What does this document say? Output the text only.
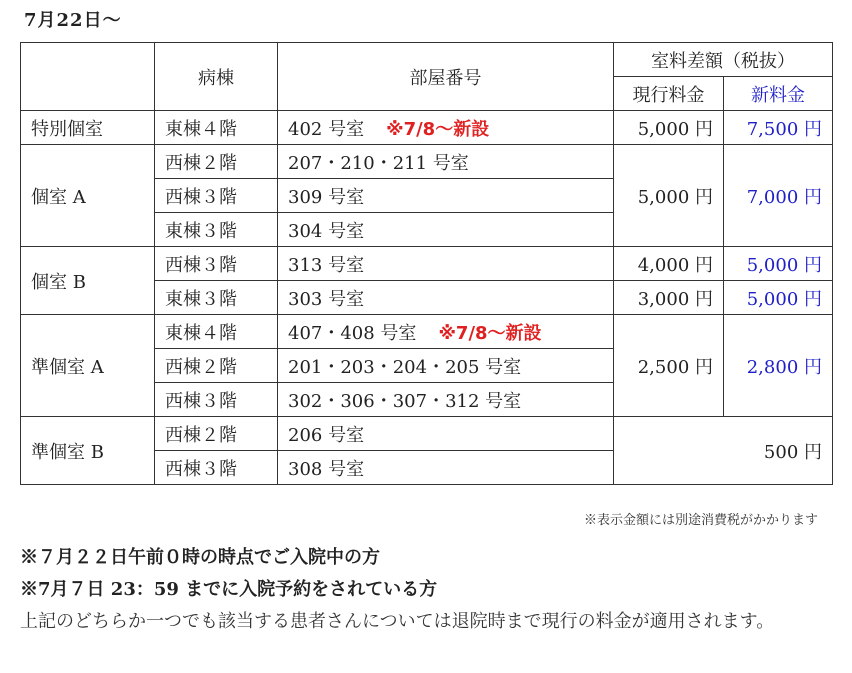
7月22日～
	病棟	部屋番号	室料差額（税抜）	
			現行料金	新料金
特別個室	東棟４階	402 号室 ※7/8～新設	5,000 円	7,500 円
個室 A	西棟２階	207・210・211 号室	5,000 円	7,000 円
	西棟３階	309 号室		
	東棟３階	304 号室		
個室 B	西棟３階	313 号室	4,000 円	5,000 円
	東棟３階	303 号室	3,000 円	5,000 円
準個室 A	東棟４階	407・408 号室 ※7/8～新設	2,500 円	2,800 円
	西棟２階	201・203・204・205 号室		
	西棟３階	302・306・307・312 号室		
準個室 B	西棟２階	206 号室	500 円	
	西棟３階	308 号室		
※表示金額には別途消費税がかかります
※７月２２日午前０時の時点でご入院中の方
※7月７日 23：59 までに入院予約をされている方
上記のどちらか一つでも該当する患者さんについては退院時まで現行の料金が適用されます。
